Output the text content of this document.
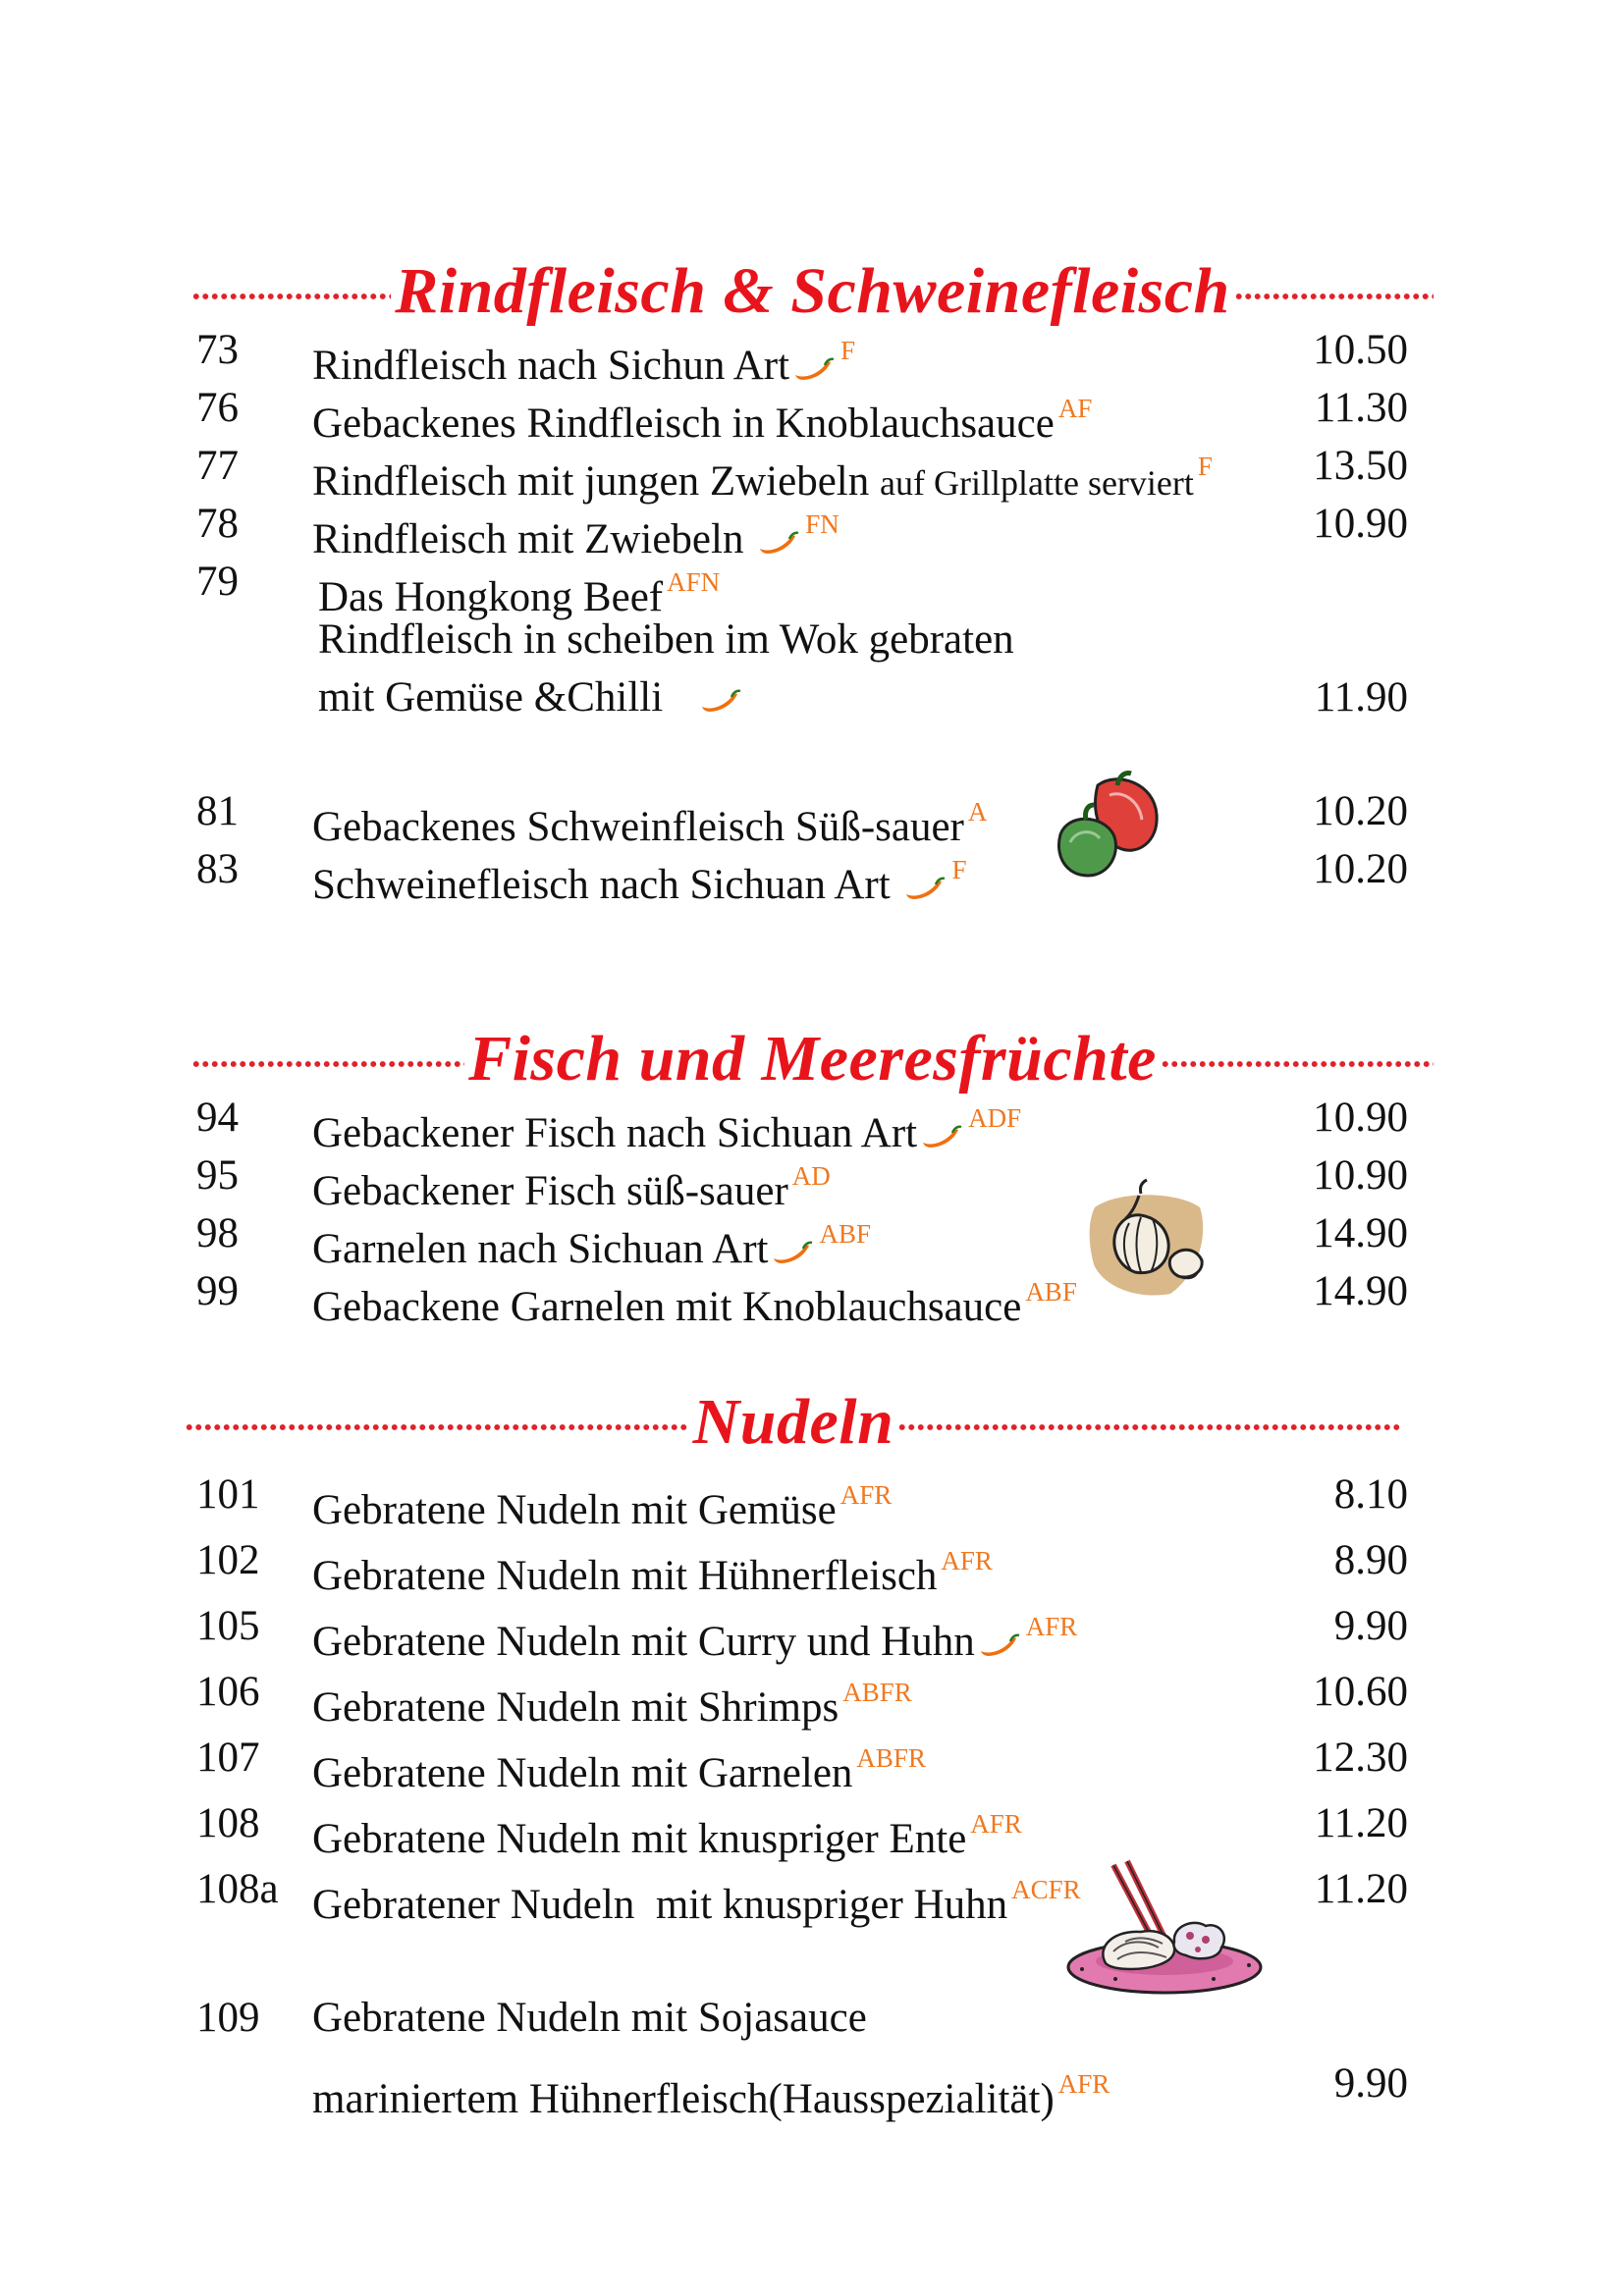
Rindfleisch & Schweinefleisch
73 Rindfleisch nach Sichun Art $^F$	10.50
76 Gebackenes Rindfleisch in Knoblauchsauce $^{AF}$	11.30
77 Rindfleisch mit jungen Zwiebeln auf Grillplatte serviert $^F$ 13.50
78 Rindfleisch mit Zwiebeln $^{FN}$	10.90
79 Das Hongkong Beef $^{AFN}$
Rindfleisch in scheiben im Wok gebraten
mit Gemüse &Chilli	11.90
81 Gebackenes Schweinfleisch Süß-sauer $^A$	10.20
83 Schweinefleisch nach Sichuan Art $^F$	10.20
Fisch und Meeresfrüchte
94 Gebackener Fisch nach Sichuan Art $^{ADF}$	10.90
95 Gebackener Fisch süß-sauer $^{AD}$	10.90
98 Garnelen nach Sichuan Art $^{ABF}$	14.90
99 Gebackene Garnelen mit Knoblauchsauce $^{ABF}$	14.90
Nudeln
101 Gebratene Nudeln mit Gemüse $^{AFR}$	8.10
102 Gebratene Nudeln mit Hühnerfleisch $^{AFR}$	8.90
105 Gebratene Nudeln mit Curry und Huhn $^{AFR}$	9.90
106 Gebratene Nudeln mit Shrimps $^{ABFR}$	10.60
107 Gebratene Nudeln mit Garnelen $^{ABFR}$	12.30
108 Gebratene Nudeln mit knuspriger Ente $^{AFR}$	11.20
108a Gebratener Nudeln  mit knuspriger Huhn $^{ACFR}$	11.20
109 Gebratene Nudeln mit Sojasauce
mariniertem Hühnerfleisch(Hausspezialität) $^{AFR}$	9.90
